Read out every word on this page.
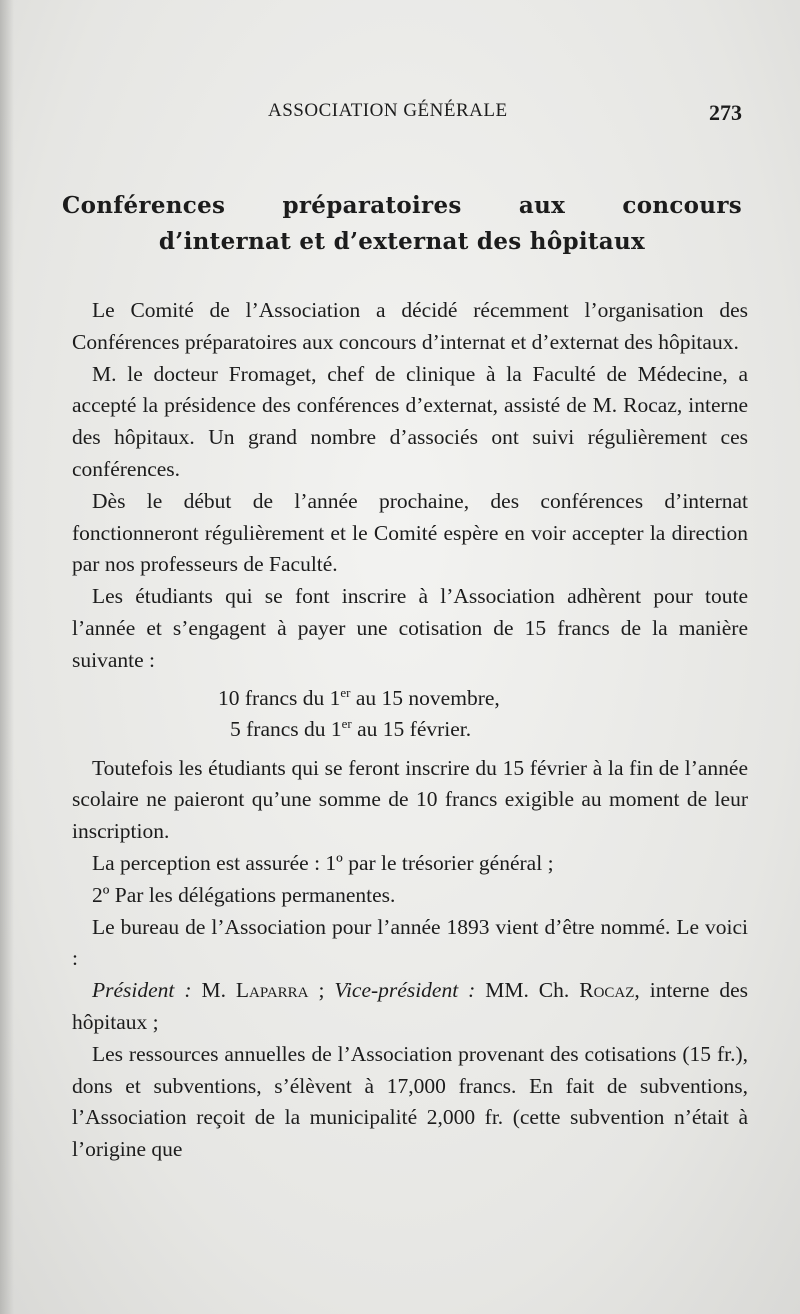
ASSOCIATION GÉNÉRALE	273
Conférences préparatoires aux concours
d’internat et d’externat des hôpitaux

Le Comité de l’Association a décidé récemment l’organisation des Conférences préparatoires aux concours d’internat et d’externat des hôpitaux.

M. le docteur Fromaget, chef de clinique à la Faculté de Médecine, a accepté la présidence des conférences d’externat, assisté de M. Rocaz, interne des hôpitaux. Un grand nombre d’associés ont suivi régulièrement ces conférences.

Dès le début de l’année prochaine, des conférences d’internat fonctionneront régulièrement et le Comité espère en voir accepter la direction par nos professeurs de Faculté.

Les étudiants qui se font inscrire à l’Association adhèrent pour toute l’année et s’engagent à payer une cotisation de 15 francs de la manière suivante :

10 francs du 1er au 15 novembre,
5 francs du 1er au 15 février.

Toutefois les étudiants qui se feront inscrire du 15 février à la fin de l’année scolaire ne paieront qu’une somme de 10 francs exigible au moment de leur inscription.

La perception est assurée : 1º par le trésorier général ;

2º Par les délégations permanentes.

Le bureau de l’Association pour l’année 1893 vient d’être nommé. Le voici :

Président : M. Laparra ; Vice-président : MM. Ch. Rocaz, interne des hôpitaux ;

Les ressources annuelles de l’Association provenant des cotisations (15 fr.), dons et subventions, s’élèvent à 17,000 francs. En fait de subventions, l’Association reçoit de la municipalité 2,000 fr. (cette subvention n’était à l’origine que
